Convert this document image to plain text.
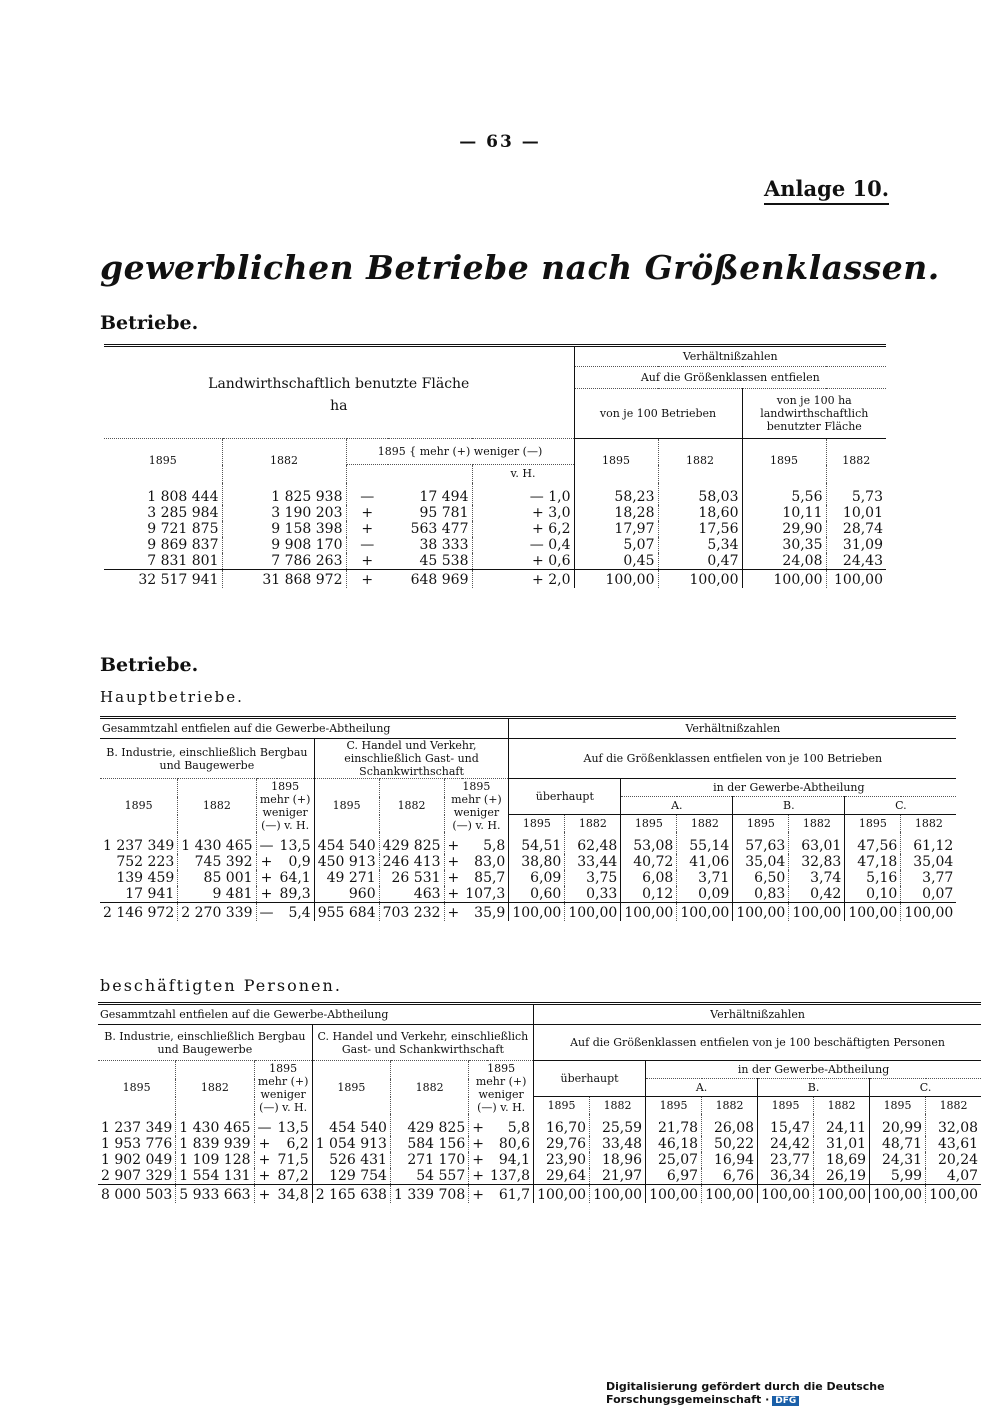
— 63 —
Anlage 10.
gewerblichen Betriebe nach Größenklassen.
Betriebe.
					Verhältnißzahlen			

Landwirthschaftlich benutzte Fläche
ha					Auf die Größenklassen entfielen			
					von je 100 Betrieben		von je 100 ha landwirthschaftlich benutzter Fläche	
1895	1882	1895 { mehr (+) weniger (—)			1895	1882	1895	1882
				v. H.				
1 808 444	1 825 938	—	17 494	— 1,0	58,23	58,03	5,56	5,73
3 285 984	3 190 203	+	95 781	+ 3,0	18,28	18,60	10,11	10,01
9 721 875	9 158 398	+	563 477	+ 6,2	17,97	17,56	29,90	28,74
9 869 837	9 908 170	—	38 333	— 0,4	5,07	5,34	30,35	31,09
7 831 801	7 786 263	+	45 538	+ 0,6	0,45	0,47	24,08	24,43
32 517 941	31 868 972	+	648 969	+ 2,0	100,00	100,00	100,00	100,00
Betriebe.
Hauptbetriebe.
Gesammtzahl entfielen auf die Gewerbe-Abtheilung								Verhältnißzahlen							
B. Industrie, einschließlich Bergbau und Baugewerbe				C. Handel und Verkehr, einschließlich Gast- und Schankwirthschaft				Auf die Größenklassen entfielen von je 100 Betrieben							
1895	1882	1895 mehr (+) weniger (—) v. H.		1895	1882	1895 mehr (+) weniger (—) v. H.		überhaupt		in der Gewerbe-Abtheilung					
										A.		B.		C.	
								1895	1882	1895	1882	1895	1882	1895	1882
1 237 349	1 430 465	—	13,5	454 540	429 825	+	5,8	54,51	62,48	53,08	55,14	57,63	63,01	47,56	61,12
752 223	745 392	+	0,9	450 913	246 413	+	83,0	38,80	33,44	40,72	41,06	35,04	32,83	47,18	35,04
139 459	85 001	+	64,1	49 271	26 531	+	85,7	6,09	3,75	6,08	3,71	6,50	3,74	5,16	3,77
17 941	9 481	+	89,3	960	463	+	107,3	0,60	0,33	0,12	0,09	0,83	0,42	0,10	0,07
2 146 972	2 270 339	—	5,4	955 684	703 232	+	35,9	100,00	100,00	100,00	100,00	100,00	100,00	100,00	100,00
beschäftigten Personen.
Gesammtzahl entfielen auf die Gewerbe-Abtheilung								Verhältnißzahlen							
B. Industrie, einschließlich Bergbau und Baugewerbe				C. Handel und Verkehr, einschließlich Gast- und Schankwirthschaft				Auf die Größenklassen entfielen von je 100 beschäftigten Personen							
1895	1882	1895 mehr (+) weniger (—) v. H.		1895	1882	1895 mehr (+) weniger (—) v. H.		überhaupt		in der Gewerbe-Abtheilung					
										A.		B.		C.	
								1895	1882	1895	1882	1895	1882	1895	1882
1 237 349	1 430 465	—	13,5	454 540	429 825	+	5,8	16,70	25,59	21,78	26,08	15,47	24,11	20,99	32,08
1 953 776	1 839 939	+	6,2	1 054 913	584 156	+	80,6	29,76	33,48	46,18	50,22	24,42	31,01	48,71	43,61
1 902 049	1 109 128	+	71,5	526 431	271 170	+	94,1	23,90	18,96	25,07	16,94	23,77	18,69	24,31	20,24
2 907 329	1 554 131	+	87,2	129 754	54 557	+	137,8	29,64	21,97	6,97	6,76	36,34	26,19	5,99	4,07
8 000 503	5 933 663	+	34,8	2 165 638	1 339 708	+	61,7	100,00	100,00	100,00	100,00	100,00	100,00	100,00	100,00
Digitalisierung gefördert durch die Deutsche Forschungsgemeinschaft · DFG
